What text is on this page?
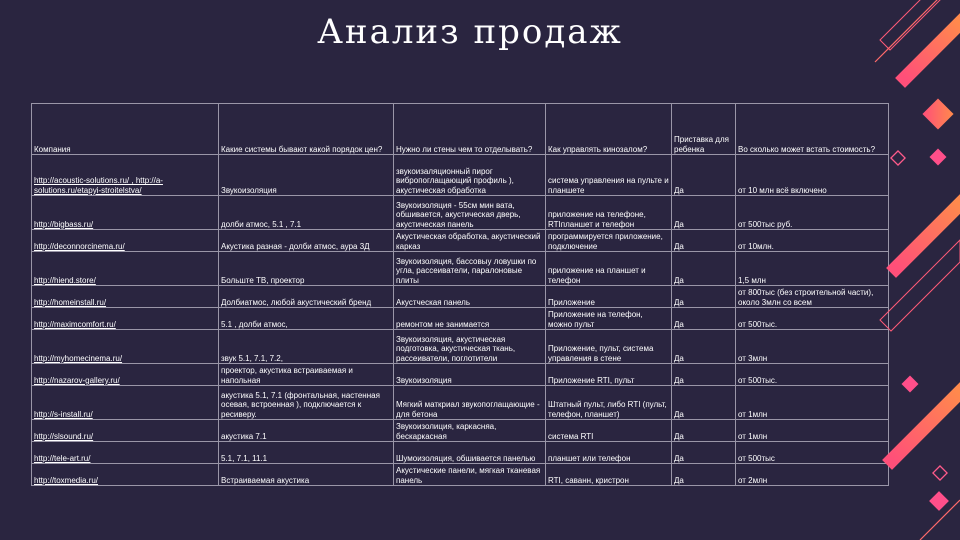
Анализ продаж
Компания	Какие системы бывают какой порядок цен?	Нужно ли стены чем то отделывать?	Как управлять кинозалом?	Приставка для ребенка	Во сколько может встать стоимость?
http://acoustic-solutions.ru/ , http://a-solutions.ru/etapyi-stroitelstva/	Звукоизоляция	звукоизаляционный пирог вибропоглащающий профиль ), акустическая обработка	система управления на пульте и планшете	Да	от 10 млн всё включено
http://bigbass.ru/	долби атмос, 5.1 , 7.1	Звукоизоляция - 55см мин вата, обшивается, акустическая дверь, акустическая панель	приложение на телефоне, RTIпланшет и телефон	Да	от 500тыс руб.
http://deconnorcinema.ru/	Акустика разная - долби атмос, аура 3Д	Акустическая обработка, акустический карказ	программируется приложение, подключение	Да	от 10млн.
http://hiend.store/	Больште ТВ, проектор	Звукоизоляция, бассовыу ловушки по угла, рассеиватели, паралоновые плиты	приложение на планшет и телефон	Да	1,5 млн
http://homeinstall.ru/	Долбиатмос, любой акустический бренд	Акустческая панель	Приложение	Да	от 800тыс (без строительной части), около 3млн со всем
http://maximcomfort.ru/	5.1 , долби атмос,	ремонтом не занимается	Приложение на телефон, можно пульт	Да	от 500тыс.
http://myhomecinema.ru/	звук 5.1, 7.1, 7.2,	Звукоизоляция, акустическая подготовка, акустическая ткань, рассеиватели, поглотители	Приложение, пульт, система управления в стене	Да	от 3млн
http://nazarov-gallery.ru/	проектор, акустика встраиваемая и напольная	Звукоизоляция	Приложение RTI, пульт	Да	от 500тыс.
http://s-install.ru/	акустика 5.1, 7.1 (фронтальная, настенная осевая, встроенная ), подключается к ресиверу.	Мягкий маткриал звукопоглащающие - для бетона	Штатный пульт, либо RTI (пульт, телефон, планшет)	Да	от 1млн
http://slsound.ru/	акустика 7.1	Звукоизолиция, каркасняа, бескаркасная	система RTI	Да	от 1млн
http://tele-art.ru/	5.1, 7.1, 11.1	Шумоизоляция, обшивается панелью	планшет или телефон	Да	от 500тыс
http://toxmedia.ru/	Встраиваемая акустика	Акустические панели, мягкая тканевая панель	RTI, саванн, кристрон	Да	от 2млн
